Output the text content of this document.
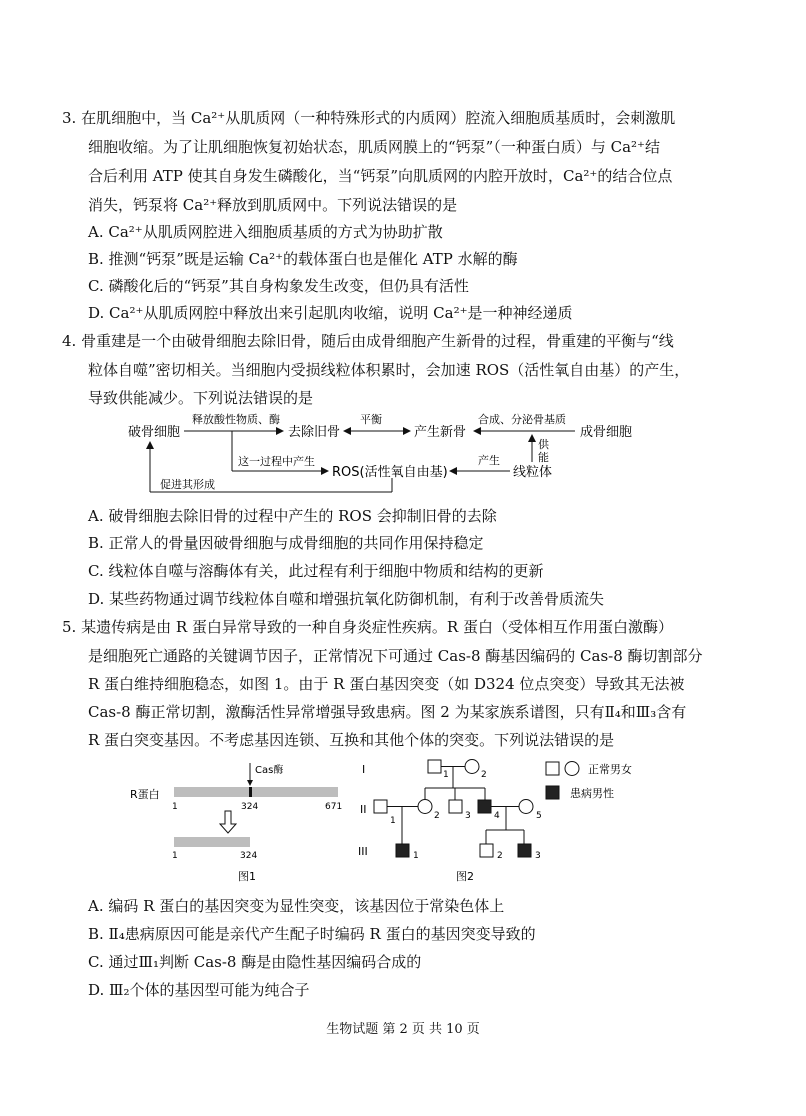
3. 在肌细胞中，当 Ca²⁺从肌质网（一种特殊形式的内质网）腔流入细胞质基质时，会刺激肌
细胞收缩。为了让肌细胞恢复初始状态，肌质网膜上的“钙泵”（一种蛋白质）与 Ca²⁺结
合后利用 ATP 使其自身发生磷酸化，当“钙泵”向肌质网的内腔开放时，Ca²⁺的结合位点
消失，钙泵将 Ca²⁺释放到肌质网中。下列说法错误的是
A. Ca²⁺从肌质网腔进入细胞质基质的方式为协助扩散
B. 推测“钙泵”既是运输 Ca²⁺的载体蛋白也是催化 ATP 水解的酶
C. 磷酸化后的“钙泵”其自身构象发生改变，但仍具有活性
D. Ca²⁺从肌质网腔中释放出来引起肌肉收缩，说明 Ca²⁺是一种神经递质
4. 骨重建是一个由破骨细胞去除旧骨，随后由成骨细胞产生新骨的过程，骨重建的平衡与“线
粒体自噬”密切相关。当细胞内受损线粒体积累时，会加速 ROS（活性氧自由基）的产生，
导致供能减少。下列说法错误的是
破骨细胞
释放酸性物质、酶
去除旧骨
平衡
产生新骨
合成、分泌骨基质
成骨细胞
供
能
线粒体
产生
ROS(活性氧自由基)
这一过程中产生
促进其形成
A. 破骨细胞去除旧骨的过程中产生的 ROS 会抑制旧骨的去除
B. 正常人的骨量因破骨细胞与成骨细胞的共同作用保持稳定
C. 线粒体自噬与溶酶体有关，此过程有利于细胞中物质和结构的更新
D. 某些药物通过调节线粒体自噬和增强抗氧化防御机制，有利于改善骨质流失
5. 某遗传病是由 R 蛋白异常导致的一种自身炎症性疾病。R 蛋白（受体相互作用蛋白激酶）
是细胞死亡通路的关键调节因子，正常情况下可通过 Cas-8 酶基因编码的 Cas-8 酶切割部分
R 蛋白维持细胞稳态，如图 1。由于 R 蛋白基因突变（如 D324 位点突变）导致其无法被
Cas-8 酶正常切割，激酶活性异常增强导致患病。图 2 为某家族系谱图，只有Ⅱ₄和Ⅲ₃含有
R 蛋白突变基因。不考虑基因连锁、互换和其他个体的突变。下列说法错误的是
R蛋白
Cas酶
1	324	671
1	324
图1
I
II
III
1	2
1	2	3	4	5
1	2	3
正常男女
患病男性
图2
A. 编码 R 蛋白的基因突变为显性突变，该基因位于常染色体上
B. Ⅱ₄患病原因可能是亲代产生配子时编码 R 蛋白的基因突变导致的
C. 通过Ⅲ₁判断 Cas-8 酶是由隐性基因编码合成的
D. Ⅲ₂个体的基因型可能为纯合子
生物试题 第 2 页 共 10 页
